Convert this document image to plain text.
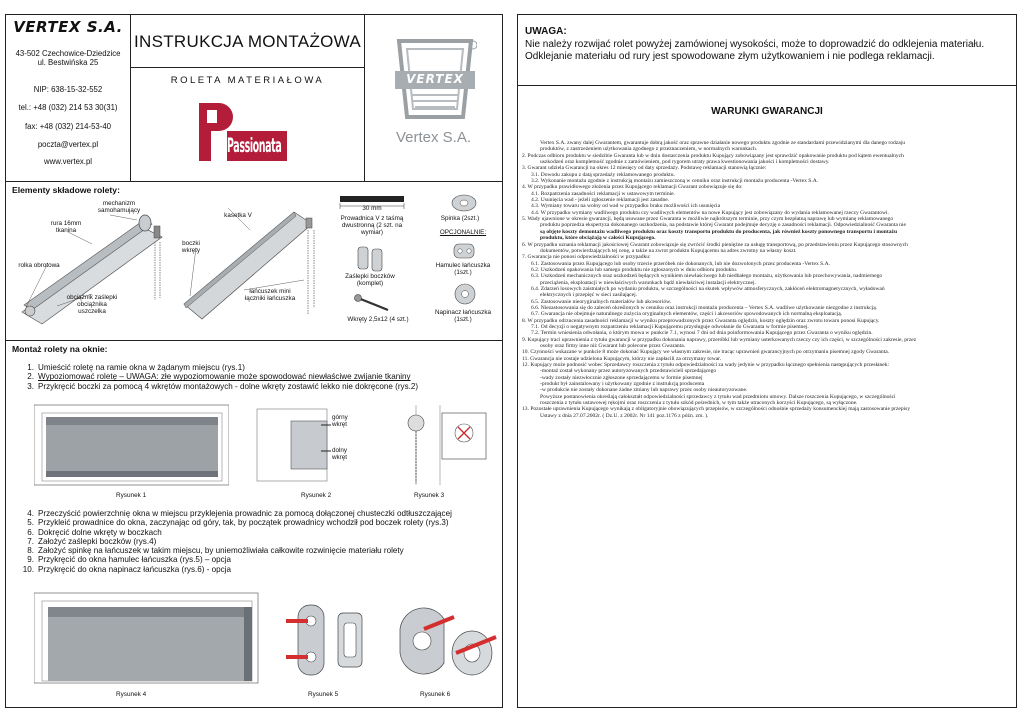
VERTEX S.A.
43-502 Czechowice-Dziedzice
ul. Bestwińska 25
NIP: 638-15-32-552
tel.: +48 (032) 214 53 30(31)
fax: +48 (032) 214-53-40
poczta@vertex.pl
www.vertex.pl
INSTRUKCJA MONTAŻOWA
ROLETA MATERIAŁOWA
Passionata
VERTEX
Vertex S.A.
Elementy składowe rolety:
mechanizm samohamujący
rura 16mm tkanina
rolka obrotowa
obciążnik zaślepki obciążnika uszczelka
kasetka V
boczki wkręty
łańcuszek mini łączniki łańcuszka
30 mm
Prowadnica V z taśmą dwustronną (2 szt. na wymiar)
Zaślepki boczków (komplet)
Wkręty 2,5x12 (4 szt.)
Spinka (2szt.)
OPCJONALNIE:
Hamulec łańcuszka (1szt.)
Napinacz łańcuszka (1szt.)
Montaż rolety na oknie:
1. Umieścić roletę na ramie okna w żądanym miejscu (rys.1)
2. Wypoziomować roletę – UWAGA: złe wypoziomowanie może spowodować niewłaściwe zwijanie tkaniny
3. Przykręcić boczki za pomocą 4 wkrętów montażowych - dolne wkręty zostawić lekko nie dokręcone (rys.2)
górny wkręt
dolny wkręt
Rysunek 1	Rysunek 2	Rysunek 3
4. Przeczyścić powierzchnię okna w miejscu przyklejenia prowadnic za pomocą dołączonej chusteczki odtłuszczającej
5. Przykleić prowadnice do okna, zaczynając od góry, tak, by początek prowadnicy wchodził pod boczek rolety (rys.3)
6. Dokręcić dolne wkręty w boczkach
7. Założyć zaślepki boczków (rys.4)
8. Założyć spinkę na łańcuszek w takim miejscu, by uniemożliwiała całkowite rozwinięcie materiału rolety
9. Przykręcić do okna hamulec łańcuszka (rys.5) – opcja
10. Przykręcić do okna napinacz łańcuszka (rys.6) - opcja
Rysunek 4	Rysunek 5	Rysunek 6
UWAGA:
Nie należy rozwijać rolet powyżej zamówionej wysokości, może to doprowadzić do odklejenia materiału. Odklejanie materiału od rury jest spowodowane złym użytkowaniem i nie podlega reklamacji.
WARUNKI GWARANCJI
Vertex S.A. zwany dalej Gwarantem, gwarantuje dobrą jakość oraz sprawne działanie nowego produktu zgodnie ze standardami przewidzianymi dla danego rodzaju
produktów, z zastrzeżeniem użytkowania zgodnego z przeznaczeniem, w normalnych warunkach.
2. Podczas odbioru produktu w siedzibie Gwaranta lub w dniu dostarczenia produktu Kupujący zobowiązany jest sprawdzić opakowanie produktu pod kątem ewentualnych
uszkodzeń oraz kompletność zgodnie z zamówieniem, pod rygorem utraty prawa kwestionowania jakości i kompletności dostawy.
3. Gwarant udziela Gwarancji na okres 12 miesięcy od daty sprzedaży. Podstawę reklamacji stanowią łącznie:
3.1. Dowodu zakupu z datą sprzedaży reklamowanego produktu.
3.2. Wykonanie montażu zgodnie z instrukcją montażu zamieszczoną w cenniku oraz instrukcji montażu producenta -Vertex S.A.
4. W przypadku prawidłowego złożenia przez Kupującego reklamacji Gwarant zobowiązuje się do:
4.1. Rozpatrzenia zasadności reklamacji w ustawowym terminie.
4.2. Usunięcia wad - jeżeli zgłoszenie reklamacji jest zasadne.
4.3. Wymiany towaru na wolny od wad w przypadku braku możliwości ich usunięcia
4.4. W przypadku wymiany wadliwego produktu czy wadliwych elementów na nowe Kupujący jest zobowiązany do wydania reklamowanej rzeczy Gwarantowi.
5. Wady ujawnione w okresie gwarancji, będą usuwane przez Gwaranta w możliwie najkrótszym terminie, przy czym bezpłatną naprawę lub wymianę reklamowanego
produktu poprzedza ekspertyza dokonanego uszkodzenia, na podstawie której Gwarant podejmuje decyzję o zasadności reklamacji. Odpowiedzialność Gwaranta nie
są objęte koszty demontażu wadliwego produktu oraz koszty transportu produktu do producenta, jak również koszty ponownego transportu i montażu
produktu, które obciążają w całości Kupującego.
6. W przypadku uznania reklamacji jakościowej Gwarant zobowiązuje się zwrócić środki pieniężne za usługę transportową, po przedstawieniu przez Kupującego stosownych
dokumentów, potwierdzających tej cenę, a także na zwrot produktu Kupującemu na adres zwrotny na własny koszt.
7. Gwarancja nie ponosi odpowiedzialności w przypadku:
6.1. Zastosowania przez Kupującego lub osoby trzecie przeróbek nie dokonanych, lub nie dozwolonych przez producenta -Vertex S.A.
6.2. Uszkodzeń opakowania lub samego produktu nie zgłoszonych w dniu odbioru produktu.
6.3. Uszkodzeń mechanicznych oraz uszkodzeń będących wynikiem niewłaściwego lub niedbałego montażu, użytkowania lub przechowywania, nadmiernego
przeciążenia, eksploatacji w niewłaściwych warunkach bądź niewłaściwej instalacji elektrycznej.
6.4. Zdarzeń losowych zaistniałych po wydaniu produktu, w szczególności na skutek wpływów atmosferycznych, zakłóceń elektromagnetycznych, wyładowań
elektrycznych i przepięć w sieci zasilającej.
6.5. Zastosowanie nieoryginalnych materiałów lub akcesoriów.
6.6. Niezastosowania się do zaleceń określonych w cenniku oraz instrukcji montażu producenta – Vertex S.A. wadliwe użytkowanie niezgodne z instrukcją.
6.7. Gwarancja nie obejmuje naturalnego zużycia oryginalnych elementów, części i akcesoriów spowodowanych ich normalną eksploatacją.
8. W przypadku odrzucenia zasadności reklamacji w wyniku przeprowadzonych przez Gwaranta oględzin, koszty oględzin oraz zwrotu towaru ponosi Kupujący.
7.1. Od decyzji o negatywnym rozpatrzeniu reklamacji Kupującemu przysługuje odwołanie do Gwaranta w formie pisemnej.
7.2. Termin wniesienia odwołania, o którym mowa w punkcie 7.1, wynosi 7 dni od dnia poinformowania Kupującego przez Gwaranta o wyniku oględzin.
9. Kupujący traci uprawnienia z tytułu gwarancji w przypadku dokonania naprawy, przeróbki lub wymiany usterkowanych rzeczy czy ich części, w szczególności zakresie, przez
osoby oraz firmy inne niż Gwarant lub polecone przez Gwaranta.
10. Czynności wskazane w punkcie 8 może dokonać Kupujący we własnym zakresie, nie tracąc uprawnień gwarancyjnych po otrzymaniu pisemnej zgody Gwaranta.
11. Gwarancja nie zostaje udzielona Kupującym, którzy nie zapłacili za otrzymany towar.
12. Kupujący może podnosić wobec Sprzedawcy roszczenia z tytułu odpowiedzialności za wady jedynie w przypadku łącznego spełnienia następujących przesłanek:
-montaż został wykonany przez autoryzowanych przedstawicieli sprzedającego
-wady zostały niezwłocznie zgłoszone sprzedającemu w formie pisemnej
-produkt był zainstalowany i użytkowany zgodnie z instrukcją producenta
-w produkcie nie zostały dokonane żadne zmiany lub naprawy przez osoby nieautoryzowane.
Powyższe postanowienia określają całokształt odpowiedzialności sprzedawcy z tytułu wad przedmiotu umowy. Dalsze roszczenia Kupującego, w szczególności
roszczenia z tytułu ustawowej rękojmi oraz roszczenia z tytułu szkód pośrednich, w tym także utraconych korzyści Kupującego, są wyłączone.
13. Pozostałe uprawnienia Kupującego wynikają z obligatoryjnie obowiązujących przepisów, w szczególności odnośnie sprzedaży konsumenckiej mają zastosowanie przepisy
Ustawy z dnia 27.07.2002r. ( Dz.U. z 2002r. Nr 141 poz.1176 z późn. zm. ).
